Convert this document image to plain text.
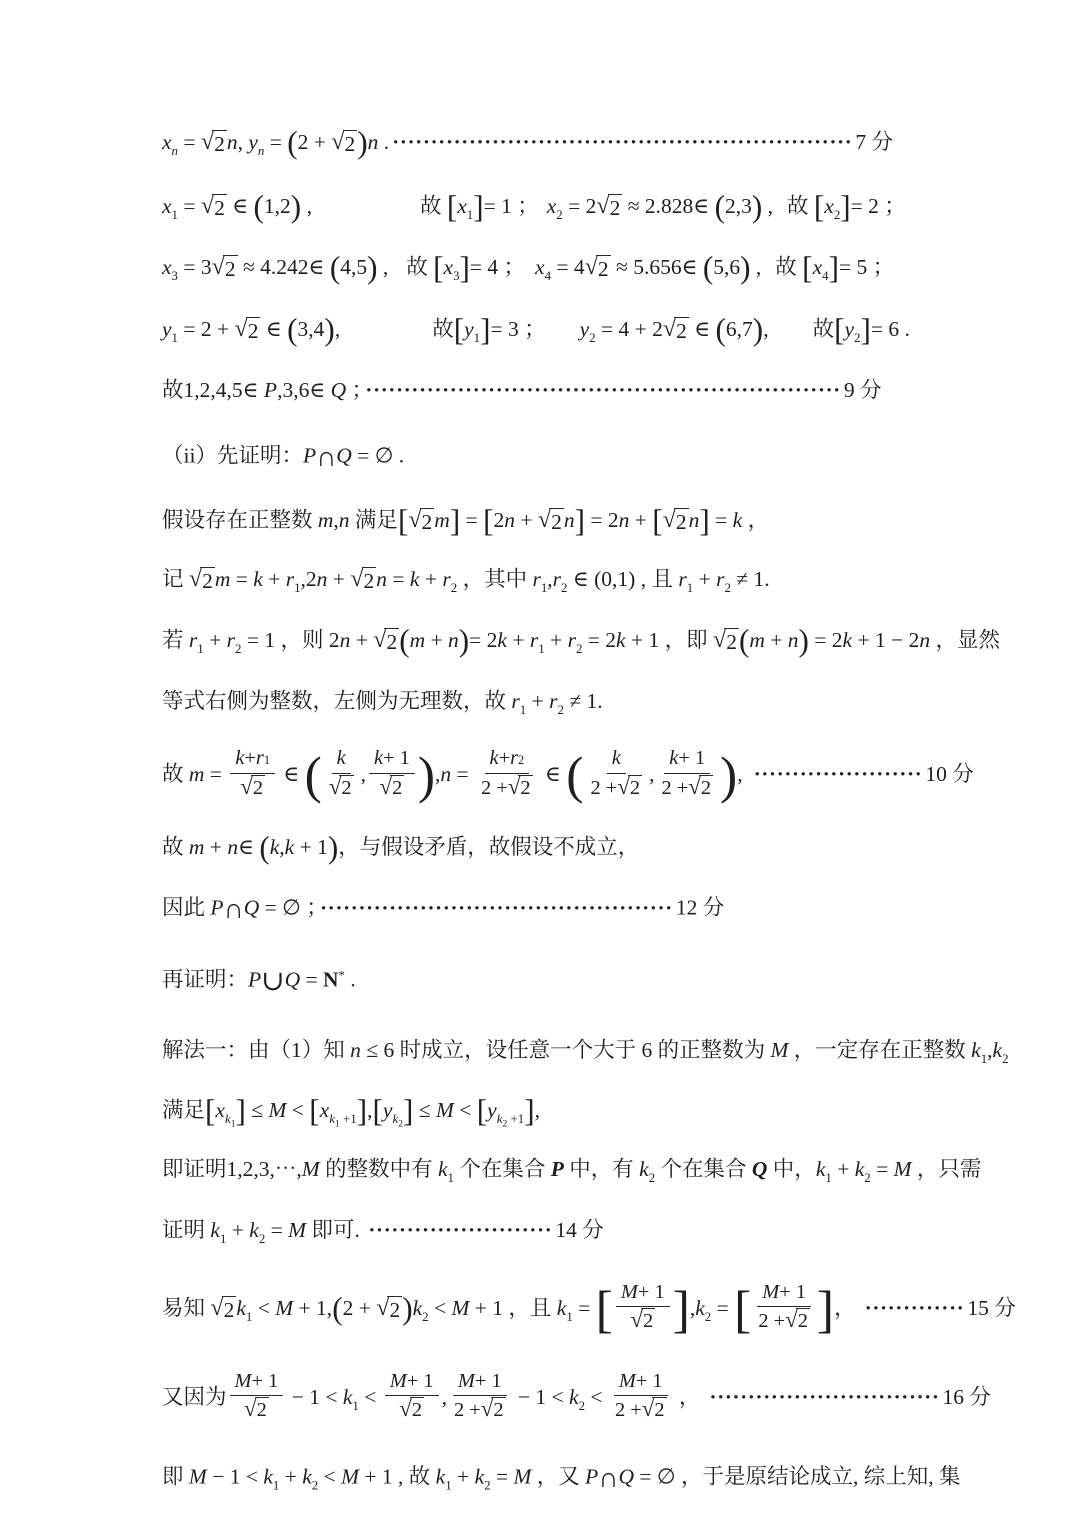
$x_n$ = √ 2 n, $y_n = (2$ + √ 2 )n . ···························································· 7 分
$x_1$ = √ 2 ∈ (1,2) ,	故 $[x_1]= 1$ ； $x_2 = 2$ √ 2 ≈ 2.828∈ (2,3) , 故 $[x_2]= 2$ ；
$x_3 = 3$ √ 2 ≈ 4.242∈ (4,5) , 故 $[x_3]= 4$ ； $x_4 = 4$ √ 2 ≈ 5.656∈ (5,6) , 故 $[x_4]= 5$ ；
$y_1 = 2$ + √ 2 ∈ (3,4),	故$[y_1]= 3$ ； $y_2 = 4 + 2$ √ 2 ∈ (6,7), 故$[y_2]= 6$ .
故1,2,4,5∈ P,3,6∈ Q ； ······························································ 9 分
（ii）先证明：P∩Q = ∅ .
假设存在正整数 m,n 满足[ √ 2 m] = [2n + √ 2 n] = 2n + [ √ 2 n] = k ，
记 √ 2 $m = k + r_1,2n$ + √ 2 $n = k + r_2$ ，其中 $r_1,r_2$ ∈ (0,1) , 且 $r_1 + r_2 \ne 1$.
若 $r_1 + r_2 = 1$ ，则 2n + √ 2 $(m + n)= 2k + r_1 + r_2 = 2k + 1$ ，即 √ 2 (m + n) = 2k + 1 − 2n ，显然
等式右侧为整数，左侧为无理数，故 $r_1 + r_2 \ne 1$.
故 $m = \frac{k + r 1}{√ 2}$ ∈ ( $\frac{k}{√ 2}$ , $\frac{k + 1}{√ 2} ),n = \frac{k + r 2}{2 + √ 2}$ ∈ ( $\frac{k}{2 + √ 2}$ , $\frac{k + 1}{2 + √ 2}$ ), ······················ 10 分
故 m + n∈ (k,k + 1)，与假设矛盾，故假设不成立，
因此 P∩Q = ∅ ； ·············································· 12 分
再证明：P∪Q = N* .
解法一：由（1）知 n ≤ 6 时成立，设任意一个大于 6 的正整数为 M ，一定存在正整数 $k_1,k_2$
满足$[x_{k_1}] \le M < [x_{k_1 +1}],[y_{k_2}] \le M < [y_{k_2 +1}]$,
即证明1,2,3,⋯,M 的整数中有 $k_1$ 个在集合 P 中，有 $k_2$ 个在集合 Q 中，$k_1 + k_2 = M$ ，只需
证明 $k_1 + k_2 = M$ 即可. ························ 14 分
易知 √ 2 $k_1 < M + 1,(2$ + √ 2 )$k_2 < M + 1$ ，且 $k_1$ = [ $\frac{M + 1}{√ 2} ],k_2$ = [ $\frac{M + 1}{2 + √ 2}$ ]， ············· 15 分
又因为 $\frac{M + 1}{√ 2} - 1 < k_1 < \frac{M + 1}{√ 2}$ , $\frac{M + 1}{2 + √ 2} - 1 < k_2 < \frac{M + 1}{2 + √ 2}$ ， ······························ 16 分
即 $M - 1 < k_1 + k_2 < M + 1$ , 故 $k_1 + k_2 = M$ ，又 P∩Q = ∅ ，于是原结论成立, 综上知, 集
